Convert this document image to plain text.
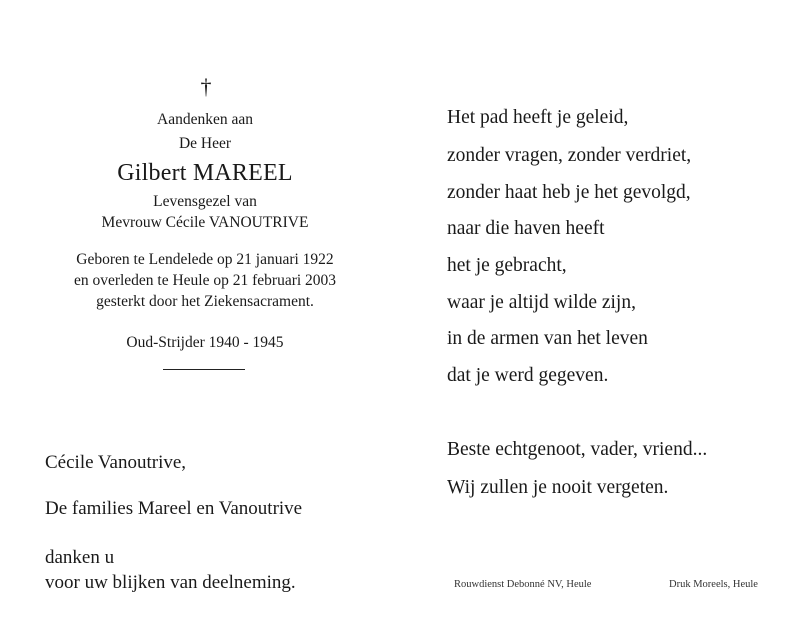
†
Aandenken aan
De Heer
Gilbert MAREEL
Levensgezel van
Mevrouw Cécile VANOUTRIVE
Geboren te Lendelede op 21 januari 1922
en overleden te Heule op 21 februari 2003
gesterkt door het Ziekensacrament.
Oud-Strijder 1940 - 1945
Cécile Vanoutrive,
De families Mareel en Vanoutrive
danken u
voor uw blijken van deelneming.
Het pad heeft je geleid,
zonder vragen, zonder verdriet,
zonder haat heb je het gevolgd,
naar die haven heeft
het je gebracht,
waar je altijd wilde zijn,
in de armen van het leven
dat je werd gegeven.
Beste echtgenoot, vader, vriend...
Wij zullen je nooit vergeten.
Rouwdienst Debonné NV, Heule	Druk Moreels, Heule
